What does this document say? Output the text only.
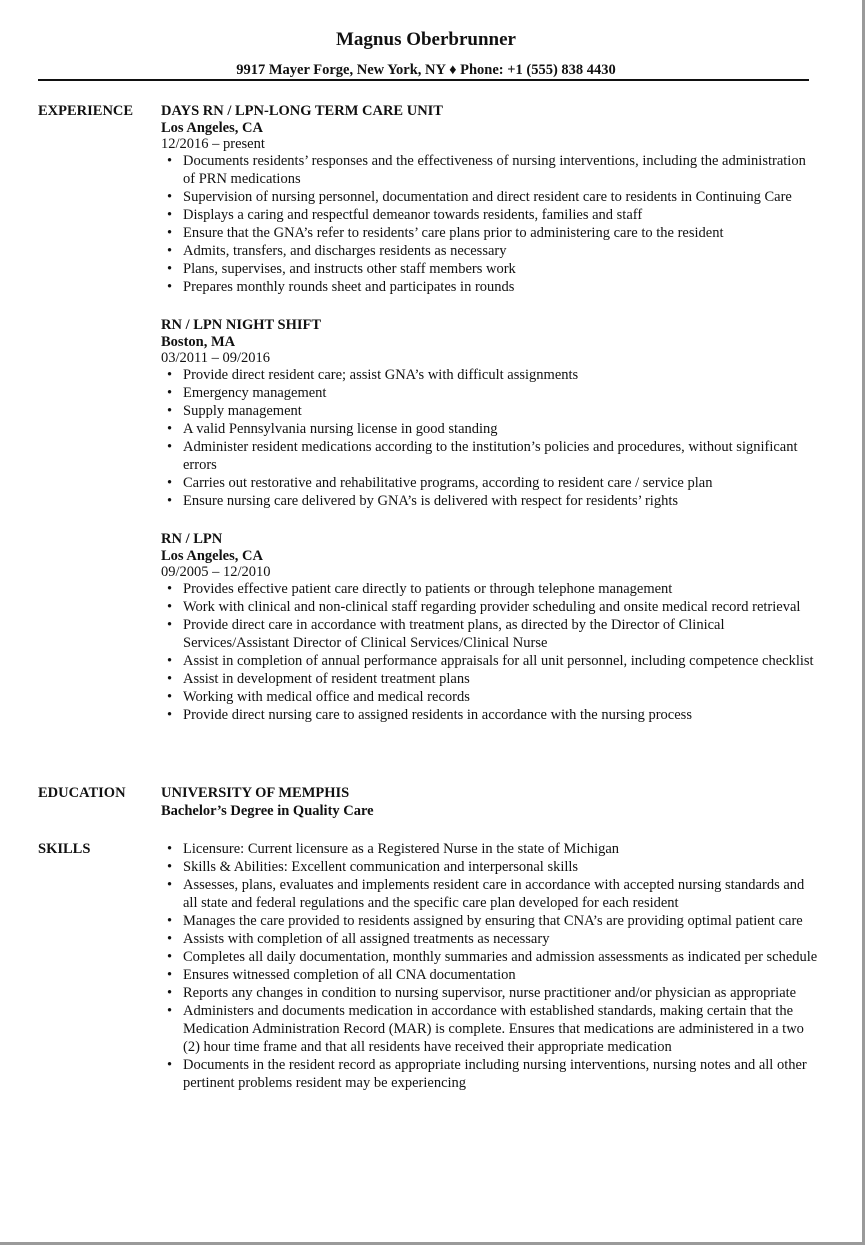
Magnus Oberbrunner
9917 Mayer Forge, New York, NY ♦ Phone: +1 (555) 838 4430
EXPERIENCE DAYS RN / LPN-LONG TERM CARE UNIT
Los Angeles, CA
12/2016 – present
• Documents residents’ responses and the effectiveness of nursing interventions, including the administration of PRN medications
• Supervision of nursing personnel, documentation and direct resident care to residents in Continuing Care
• Displays a caring and respectful demeanor towards residents, families and staff
• Ensure that the GNA’s refer to residents’ care plans prior to administering care to the resident
• Admits, transfers, and discharges residents as necessary
• Plans, supervises, and instructs other staff members work
• Prepares monthly rounds sheet and participates in rounds
RN / LPN NIGHT SHIFT
Boston, MA
03/2011 – 09/2016
• Provide direct resident care; assist GNA’s with difficult assignments
• Emergency management
• Supply management
• A valid Pennsylvania nursing license in good standing
• Administer resident medications according to the institution’s policies and procedures, without significant errors
• Carries out restorative and rehabilitative programs, according to resident care / service plan
• Ensure nursing care delivered by GNA’s is delivered with respect for residents’ rights
RN / LPN
Los Angeles, CA
09/2005 – 12/2010
• Provides effective patient care directly to patients or through telephone management
• Work with clinical and non-clinical staff regarding provider scheduling and onsite medical record retrieval
• Provide direct care in accordance with treatment plans, as directed by the Director of Clinical Services/Assistant Director of Clinical Services/Clinical Nurse
• Assist in completion of annual performance appraisals for all unit personnel, including competence checklist
• Assist in development of resident treatment plans
• Working with medical office and medical records
• Provide direct nursing care to assigned residents in accordance with the nursing process
EDUCATION UNIVERSITY OF MEMPHIS
Bachelor’s Degree in Quality Care
SKILLS
•	Licensure: Current licensure as a Registered Nurse in the state of Michigan
• Skills & Abilities: Excellent communication and interpersonal skills
• Assesses, plans, evaluates and implements resident care in accordance with accepted nursing standards and all state and federal regulations and the specific care plan developed for each resident
• Manages the care provided to residents assigned by ensuring that CNA’s are providing optimal patient care
• Assists with completion of all assigned treatments as necessary
• Completes all daily documentation, monthly summaries and admission assessments as indicated per schedule
• Ensures witnessed completion of all CNA documentation
• Reports any changes in condition to nursing supervisor, nurse practitioner and/or physician as appropriate
• Administers and documents medication in accordance with established standards, making certain that the Medication Administration Record (MAR) is complete. Ensures that medications are administered in a two (2) hour time frame and that all residents have received their appropriate medication
• Documents in the resident record as appropriate including nursing interventions, nursing notes and all other pertinent problems resident may be experiencing
